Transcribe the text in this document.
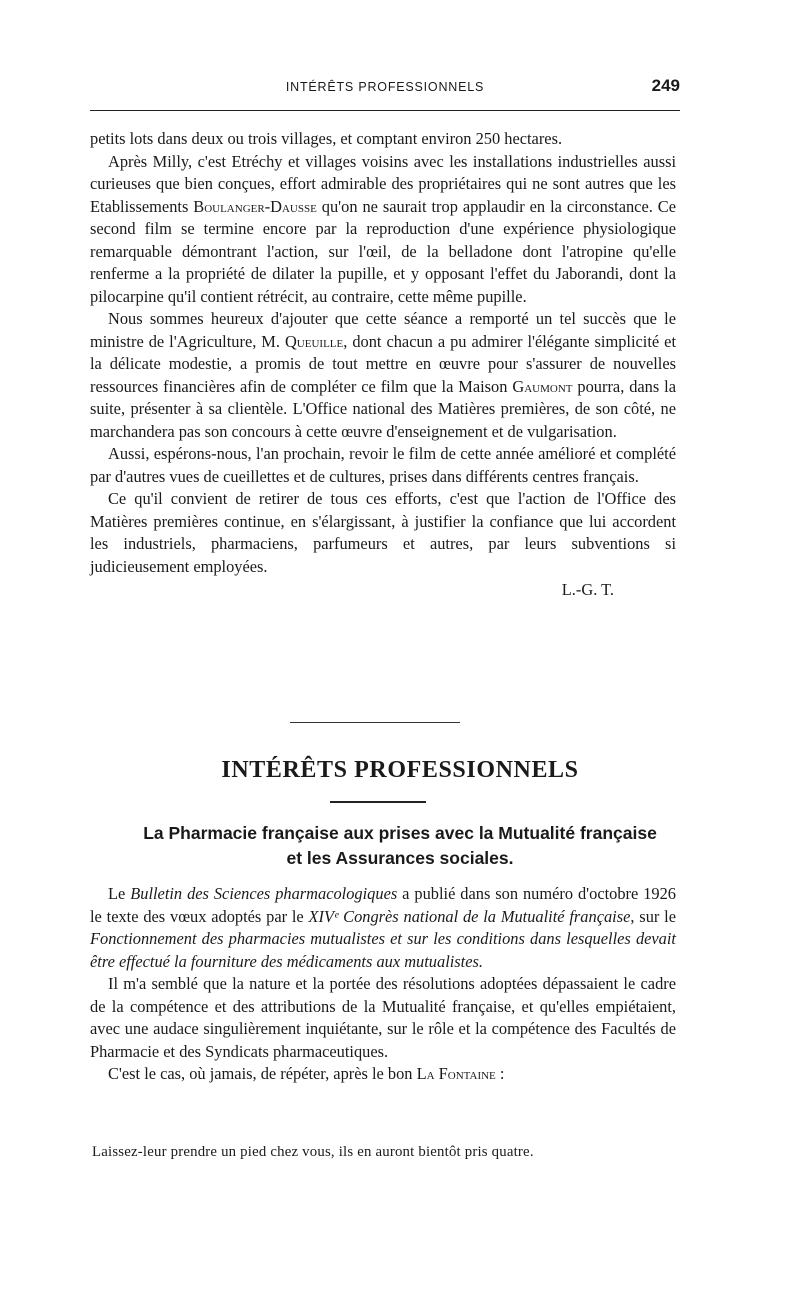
INTÉRÊTS PROFESSIONNELS	249

petits lots dans deux ou trois villages, et comptant environ 250 hectares.

Après Milly, c'est Etréchy et villages voisins avec les installations industrielles aussi curieuses que bien conçues, effort admirable des propriétaires qui ne sont autres que les Etablissements Boulanger-Dausse qu'on ne saurait trop applaudir en la circonstance. Ce second film se termine encore par la reproduction d'une expérience physiologique remarquable démontrant l'action, sur l'œil, de la belladone dont l'atropine qu'elle renferme a la propriété de dilater la pupille, et y opposant l'effet du Jaborandi, dont la pilocarpine qu'il contient rétrécit, au contraire, cette même pupille.

Nous sommes heureux d'ajouter que cette séance a remporté un tel succès que le ministre de l'Agriculture, M. Queuille, dont chacun a pu admirer l'élégante simplicité et la délicate modestie, a promis de tout mettre en œuvre pour s'assurer de nouvelles ressources financières afin de compléter ce film que la Maison Gaumont pourra, dans la suite, présenter à sa clientèle. L'Office national des Matières premières, de son côté, ne marchandera pas son concours à cette œuvre d'enseignement et de vulgarisation.

Aussi, espérons-nous, l'an prochain, revoir le film de cette année amélioré et complété par d'autres vues de cueillettes et de cultures, prises dans différents centres français.

Ce qu'il convient de retirer de tous ces efforts, c'est que l'action de l'Office des Matières premières continue, en s'élargissant, à justifier la confiance que lui accordent les industriels, pharmaciens, parfumeurs et autres, par leurs subventions si judicieusement employées.

L.-G. T.
INTÉRÊTS PROFESSIONNELS
La Pharmacie française aux prises avec la Mutualité française
et les Assurances sociales.

Le Bulletin des Sciences pharmacologiques a publié dans son numéro d'octobre 1926 le texte des vœux adoptés par le XIVᵉ Congrès national de la Mutualité française, sur le Fonctionnement des pharmacies mutualistes et sur les conditions dans lesquelles devait être effectué la fourniture des médicaments aux mutualistes.

Il m'a semblé que la nature et la portée des résolutions adoptées dépassaient le cadre de la compétence et des attributions de la Mutualité française, et qu'elles empiétaient, avec une audace singulièrement inquiétante, sur le rôle et la compétence des Facultés de Pharmacie et des Syndicats pharmaceutiques.

C'est le cas, où jamais, de répéter, après le bon La Fontaine :

Laissez-leur prendre un pied chez vous, ils en auront bientôt pris quatre.
